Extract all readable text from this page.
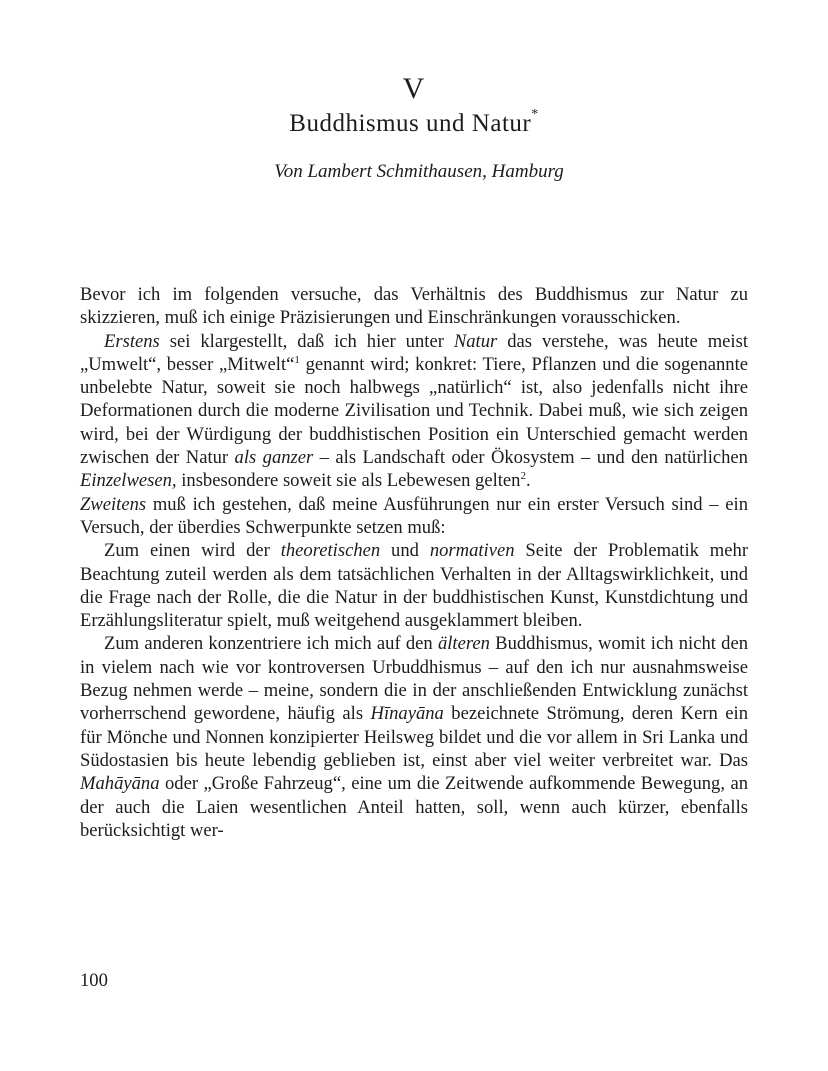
V
Buddhismus und Natur*
Von Lambert Schmithausen, Hamburg

Bevor ich im folgenden versuche, das Verhältnis des Buddhismus zur Natur zu skizzieren, muß ich einige Präzisierungen und Einschränkungen vorausschicken.

Erstens sei klargestellt, daß ich hier unter Natur das verstehe, was heute meist „Umwelt“, besser „Mitwelt“$^1$ genannt wird; konkret: Tiere, Pflanzen und die sogenannte unbelebte Natur, soweit sie noch halbwegs „natürlich“ ist, also jedenfalls nicht ihre Deformationen durch die moderne Zivilisation und Technik. Dabei muß, wie sich zeigen wird, bei der Würdigung der buddhistischen Position ein Unterschied gemacht werden zwischen der Natur als ganzer – als Landschaft oder Ökosystem – und den natürlichen Einzelwesen, insbesondere soweit sie als Lebewesen gelten$^2$.

Zweitens muß ich gestehen, daß meine Ausführungen nur ein erster Versuch sind – ein Versuch, der überdies Schwerpunkte setzen muß:

Zum einen wird der theoretischen und normativen Seite der Problematik mehr Beachtung zuteil werden als dem tatsächlichen Verhalten in der Alltagswirklichkeit, und die Frage nach der Rolle, die die Natur in der buddhistischen Kunst, Kunstdichtung und Erzählungsliteratur spielt, muß weitgehend ausgeklammert bleiben.

Zum anderen konzentriere ich mich auf den älteren Buddhismus, womit ich nicht den in vielem nach wie vor kontroversen Urbuddhismus – auf den ich nur ausnahmsweise Bezug nehmen werde – meine, sondern die in der anschließenden Entwicklung zunächst vorherrschend gewordene, häufig als Hīnayāna bezeichnete Strömung, deren Kern ein für Mönche und Nonnen konzipierter Heilsweg bildet und die vor allem in Sri Lanka und Südostasien bis heute lebendig geblieben ist, einst aber viel weiter verbreitet war. Das Mahāyāna oder „Große Fahrzeug“, eine um die Zeitwende aufkommende Bewegung, an der auch die Laien wesentlichen Anteil hatten, soll, wenn auch kürzer, ebenfalls berücksichtigt wer-

100
